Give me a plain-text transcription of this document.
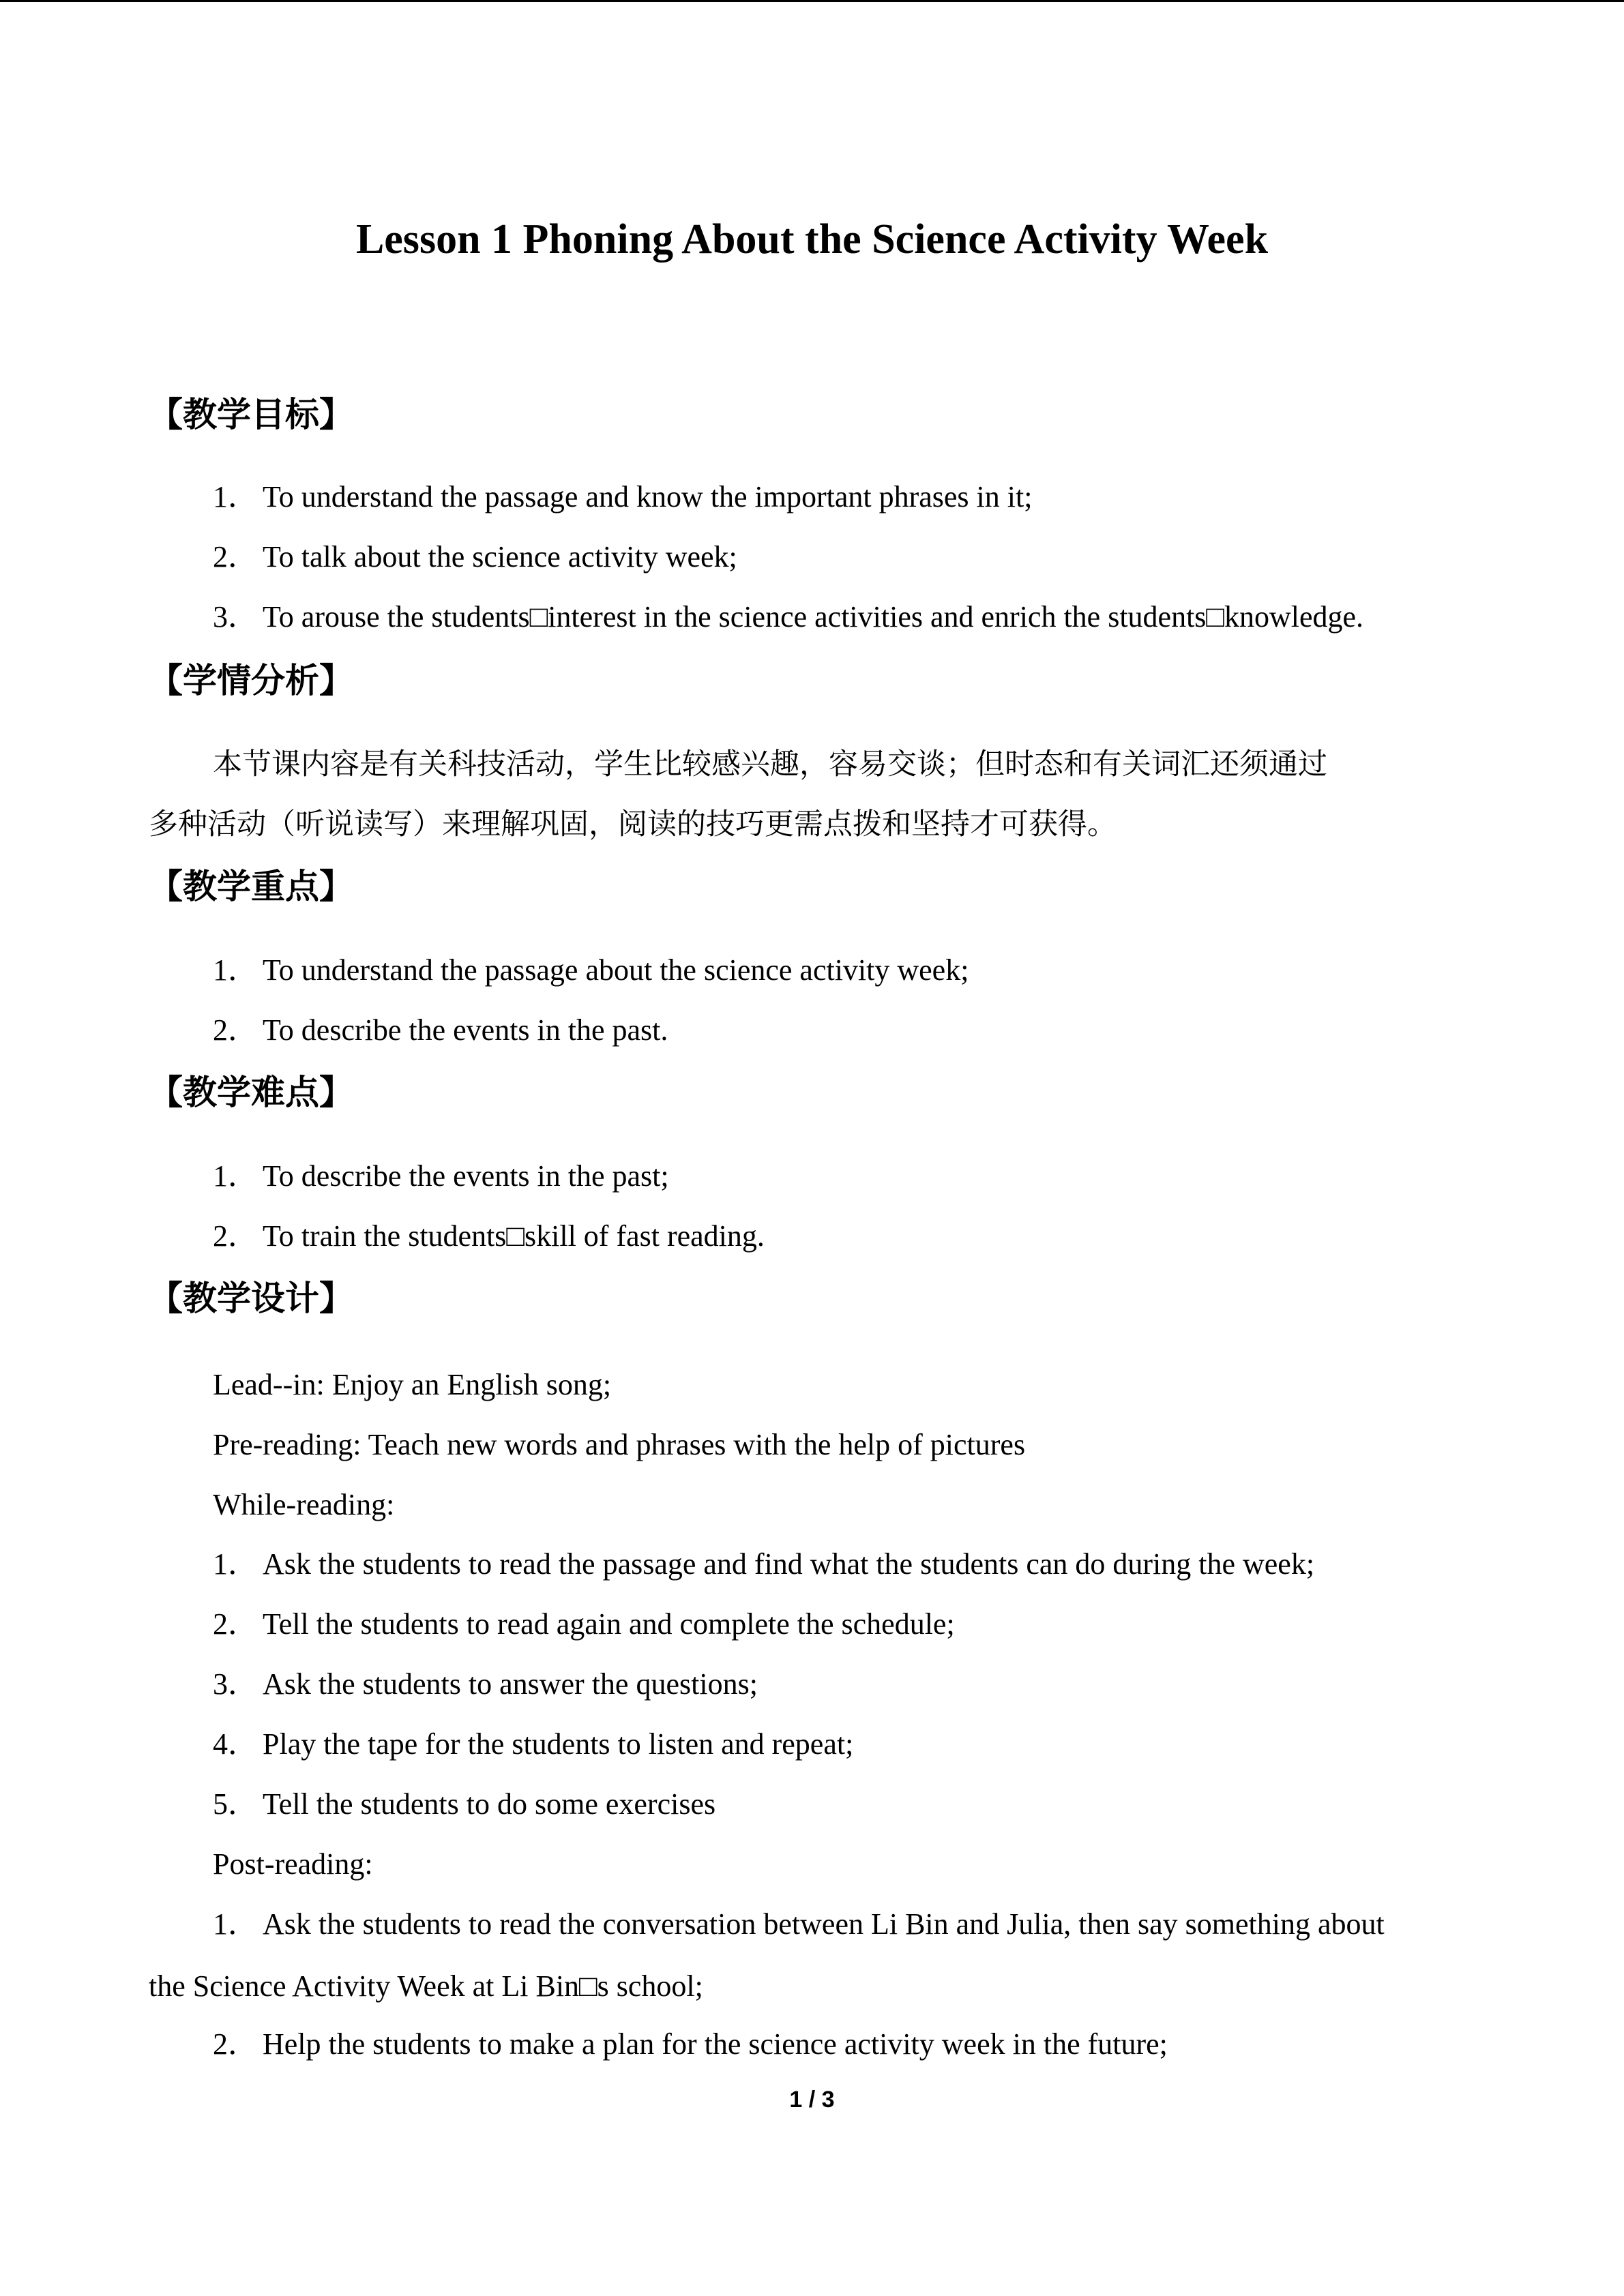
Lesson 1 Phoning About the Science Activity Week
【教学目标】
1． To understand the passage and know the important phrases in it;
2． To talk about the science activity week;
3． To arouse the students□interest in the science activities and enrich the students□knowledge.
【学情分析】
本节课内容是有关科技活动，学生比较感兴趣，容易交谈；但时态和有关词汇还须通过
多种活动（听说读写）来理解巩固，阅读的技巧更需点拨和坚持才可获得。
【教学重点】
1． To understand the passage about the science activity week;
2． To describe the events in the past.
【教学难点】
1． To describe the events in the past;
2． To train the students□skill of fast reading.
【教学设计】
Lead--in: Enjoy an English song;
Pre-reading: Teach new words and phrases with the help of pictures
While-reading:
1． Ask the students to read the passage and find what the students can do during the week;
2． Tell the students to read again and complete the schedule;
3． Ask the students to answer the questions;
4． Play the tape for the students to listen and repeat;
5． Tell the students to do some exercises
Post-reading:
1． Ask the students to read the conversation between Li Bin and Julia, then say something about
the Science Activity Week at Li Bin□s school;
2． Help the students to make a plan for the science activity week in the future;
1 / 3
